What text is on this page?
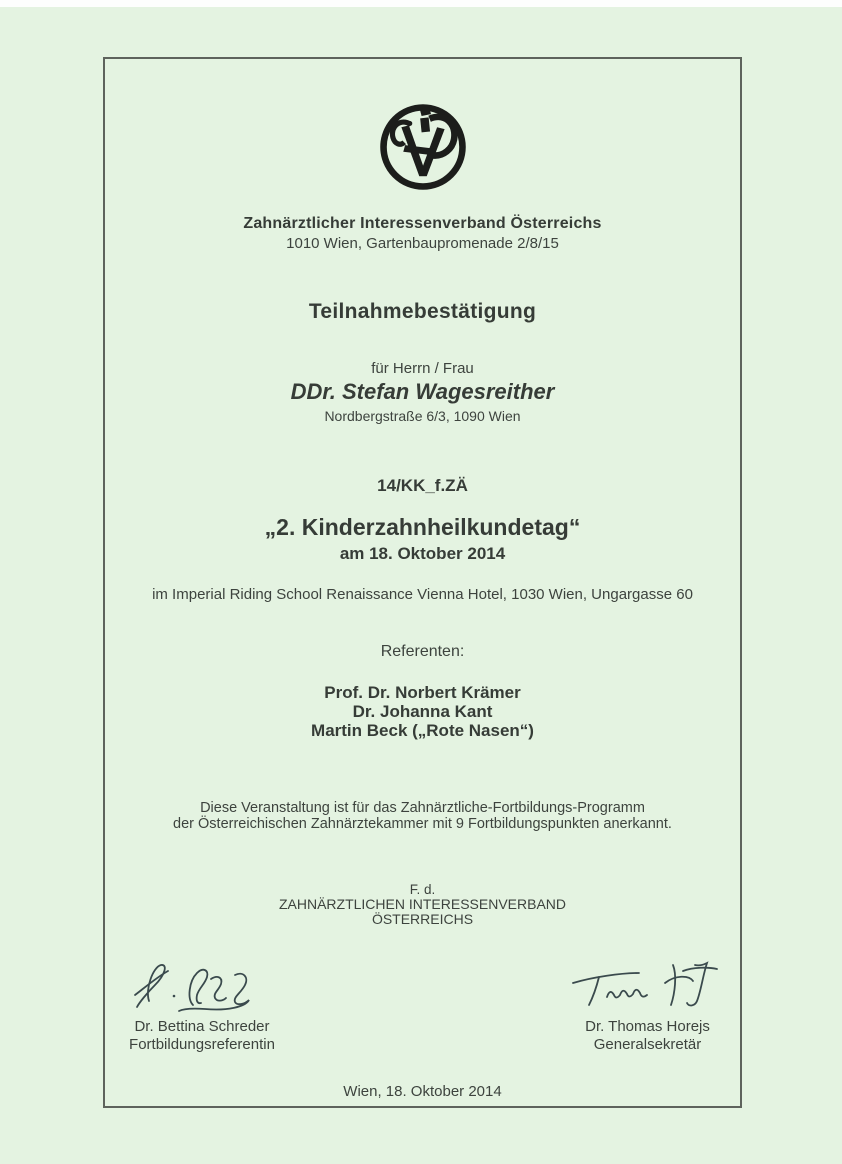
Zahnärztlicher Interessenverband Österreichs
1010 Wien, Gartenbaupromenade 2/8/15
Teilnahmebestätigung
für Herrn / Frau
DDr. Stefan Wagesreither
Nordbergstraße 6/3, 1090 Wien
14/KK_f.ZÄ
„2. Kinderzahnheilkundetag“
am 18. Oktober 2014
im Imperial Riding School Renaissance Vienna Hotel, 1030 Wien, Ungargasse 60
Referenten:
Prof. Dr. Norbert Krämer
Dr. Johanna Kant
Martin Beck („Rote Nasen“)
Diese Veranstaltung ist für das Zahnärztliche-Fortbildungs-Programm
der Österreichischen Zahnärztekammer mit 9 Fortbildungspunkten anerkannt.
F. d.
ZAHNÄRZTLICHEN INTERESSENVERBAND
ÖSTERREICHS
Dr. Bettina Schreder
Fortbildungsreferentin
Dr. Thomas Horejs
Generalsekretär
Wien, 18. Oktober 2014
